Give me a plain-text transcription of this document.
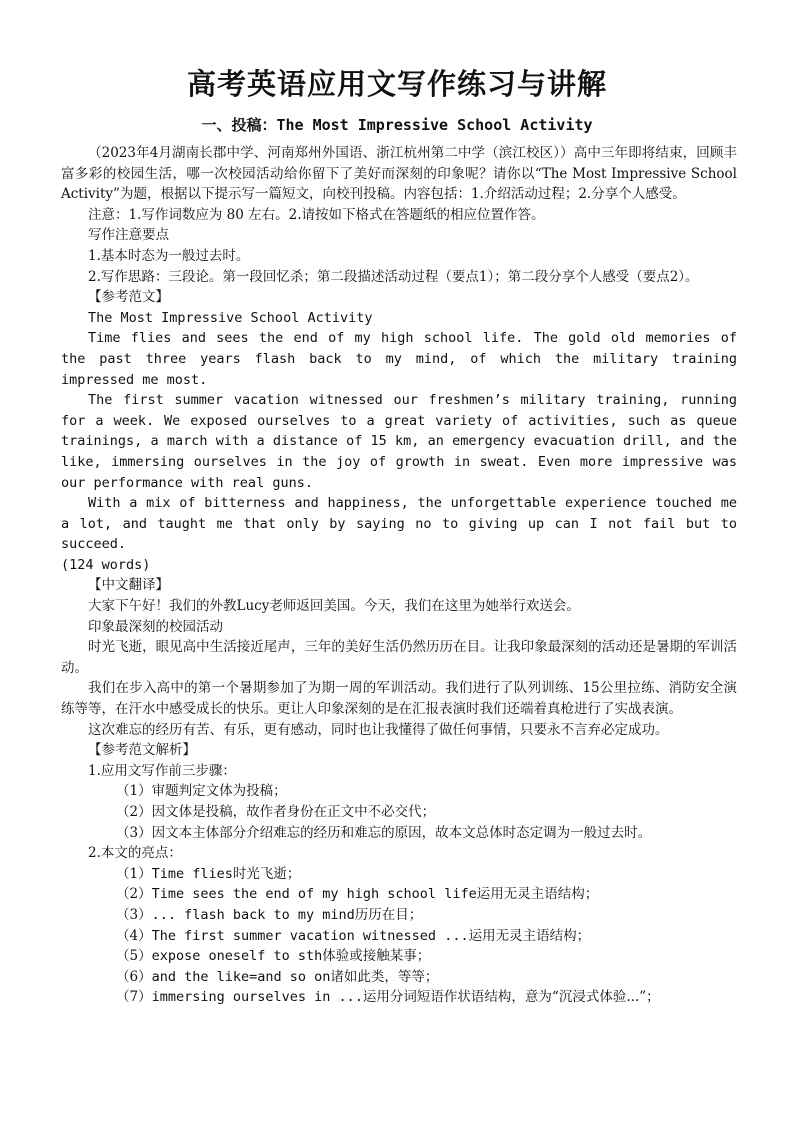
高考英语应用文写作练习与讲解
一、投稿：The Most Impressive School Activity

（2023年4月湖南长郡中学、河南郑州外国语、浙江杭州第二中学（滨江校区））高中三年即将结束，回顾丰富多彩的校园生活，哪一次校园活动给你留下了美好而深刻的印象呢？请你以“The Most Impressive School Activity”为题，根据以下提示写一篇短文，向校刊投稿。内容包括：1.介绍活动过程；2.分享个人感受。

注意：1.写作词数应为 80 左右。2.请按如下格式在答题纸的相应位置作答。

写作注意要点

1.基本时态为一般过去时。

2.写作思路：三段论。第一段回忆杀；第二段描述活动过程（要点1）；第二段分享个人感受（要点2）。

【参考范文】

The Most Impressive School Activity

Time flies and sees the end of my high school life. The gold old memories of the past three years flash back to my mind, of which the military training impressed me most.

The first summer vacation witnessed our freshmen’s military training, running for a week. We exposed ourselves to a great variety of activities, such as queue trainings, a march with a distance of 15 km, an emergency evacuation drill, and the like, immersing ourselves in the joy of growth in sweat. Even more impressive was our performance with real guns.

With a mix of bitterness and happiness, the unforgettable experience touched me a lot, and taught me that only by saying no to giving up can I not fail but to succeed.

(124 words)

【中文翻译】

大家下午好！我们的外教Lucy老师返回美国。今天，我们在这里为她举行欢送会。

印象最深刻的校园活动

时光飞逝，眼见高中生活接近尾声，三年的美好生活仍然历历在目。让我印象最深刻的活动还是暑期的军训活动。

我们在步入高中的第一个暑期参加了为期一周的军训活动。我们进行了队列训练、15公里拉练、消防安全演练等等，在汗水中感受成长的快乐。更让人印象深刻的是在汇报表演时我们还端着真枪进行了实战表演。

这次难忘的经历有苦、有乐，更有感动，同时也让我懂得了做任何事情，只要永不言弃必定成功。

【参考范文解析】

1.应用文写作前三步骤：

（1）审题判定文体为投稿；

（2）因文体是投稿，故作者身份在正文中不必交代；

（3）因文本主体部分介绍难忘的经历和难忘的原因，故本文总体时态定调为一般过去时。

2.本文的亮点：

（1）Time flies时光飞逝；

（2）Time sees the end of my high school life运用无灵主语结构；

（3）... flash back to my mind历历在目；

（4）The first summer vacation witnessed ...运用无灵主语结构；

（5）expose oneself to sth体验或接触某事；

（6）and the like=and so on诸如此类，等等；

（7）immersing ourselves in ...运用分词短语作状语结构，意为“沉浸式体验...”；
